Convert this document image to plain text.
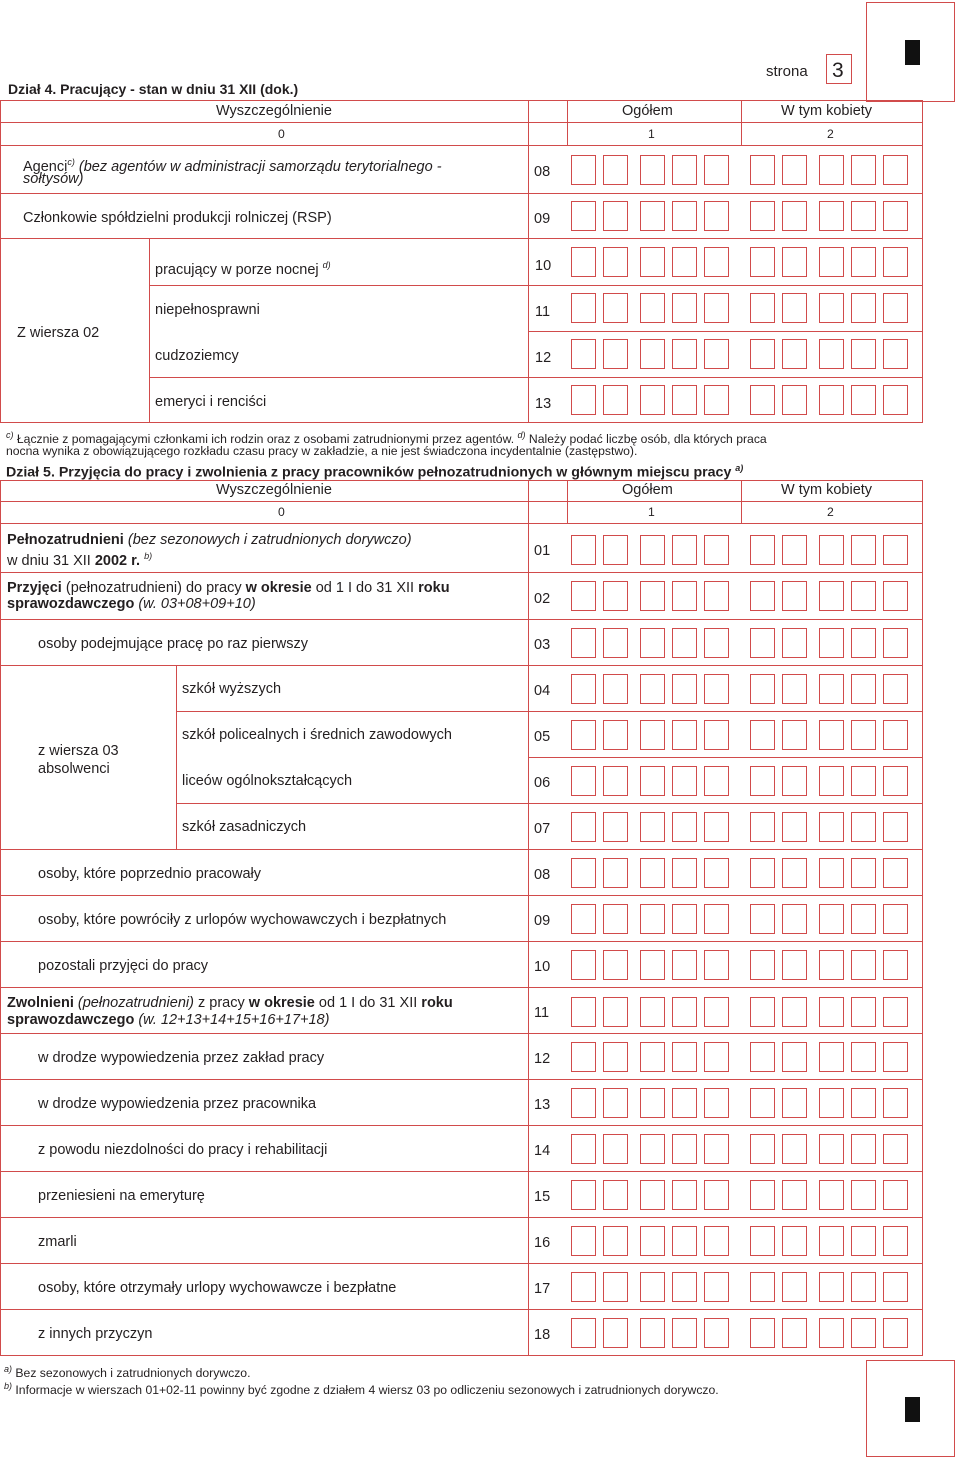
Dział 4. Pracujący - stan w dniu 31 XII (dok.)
strona 3
Wyszczególnienie	Ogółem	W tym kobiety
0	1	2
Agenci$^{c)}$ (bez agentów w administracji samorządu terytorialnego -
sołtysów)	08
Członkowie spółdzielni produkcji rolniczej (RSP)	09
Z wiersza 02
pracujący w porze nocnej $^{d)}$	10
niepełnosprawni	11
cudzoziemcy	12
emeryci i renciści	13
$^{c)}$ Łącznie z pomagającymi członkami ich rodzin oraz z osobami zatrudnionymi przez agentów. $^{d)}$ Należy podać liczbę osób, dla których praca
nocna wynika z obowiązującego rozkładu czasu pracy w zakładzie, a nie jest świadczona incydentalnie (zastępstwo).
Dział 5. Przyjęcia do pracy i zwolnienia z pracy pracowników pełnozatrudnionych w głównym miejscu pracy $^{a)}$
Wyszczególnienie	Ogółem	W tym kobiety
0	1	2
Pełnozatrudnieni (bez sezonowych i zatrudnionych dorywczo)
w dniu 31 XII 2002 r. $^{b)}$	01
Przyjęci (pełnozatrudnieni) do pracy w okresie od 1 I do 31 XII roku
sprawozdawczego (w. 03+08+09+10)	02
osoby podejmujące pracę po raz pierwszy	03
z wiersza 03
absolwenci
szkół wyższych	04
szkół policealnych i średnich zawodowych	05
liceów ogólnokształcących	06
szkół zasadniczych	07
osoby, które poprzednio pracowały	08
osoby, które powróciły z urlopów wychowawczych i bezpłatnych	09
pozostali przyjęci do pracy	10
Zwolnieni (pełnozatrudnieni) z pracy w okresie od 1 I do 31 XII roku
sprawozdawczego (w. 12+13+14+15+16+17+18)	11
w drodze wypowiedzenia przez zakład pracy	12
w drodze wypowiedzenia przez pracownika	13
z powodu niezdolności do pracy i rehabilitacji	14
przeniesieni na emeryturę	15
zmarli	16
osoby, które otrzymały urlopy wychowawcze i bezpłatne	17
z innych przyczyn	18
$^{a)}$ Bez sezonowych i zatrudnionych dorywczo.
$^{b)}$ Informacje w wierszach 01+02-11 powinny być zgodne z działem 4 wiersz 03 po odliczeniu sezonowych i zatrudnionych dorywczo.
